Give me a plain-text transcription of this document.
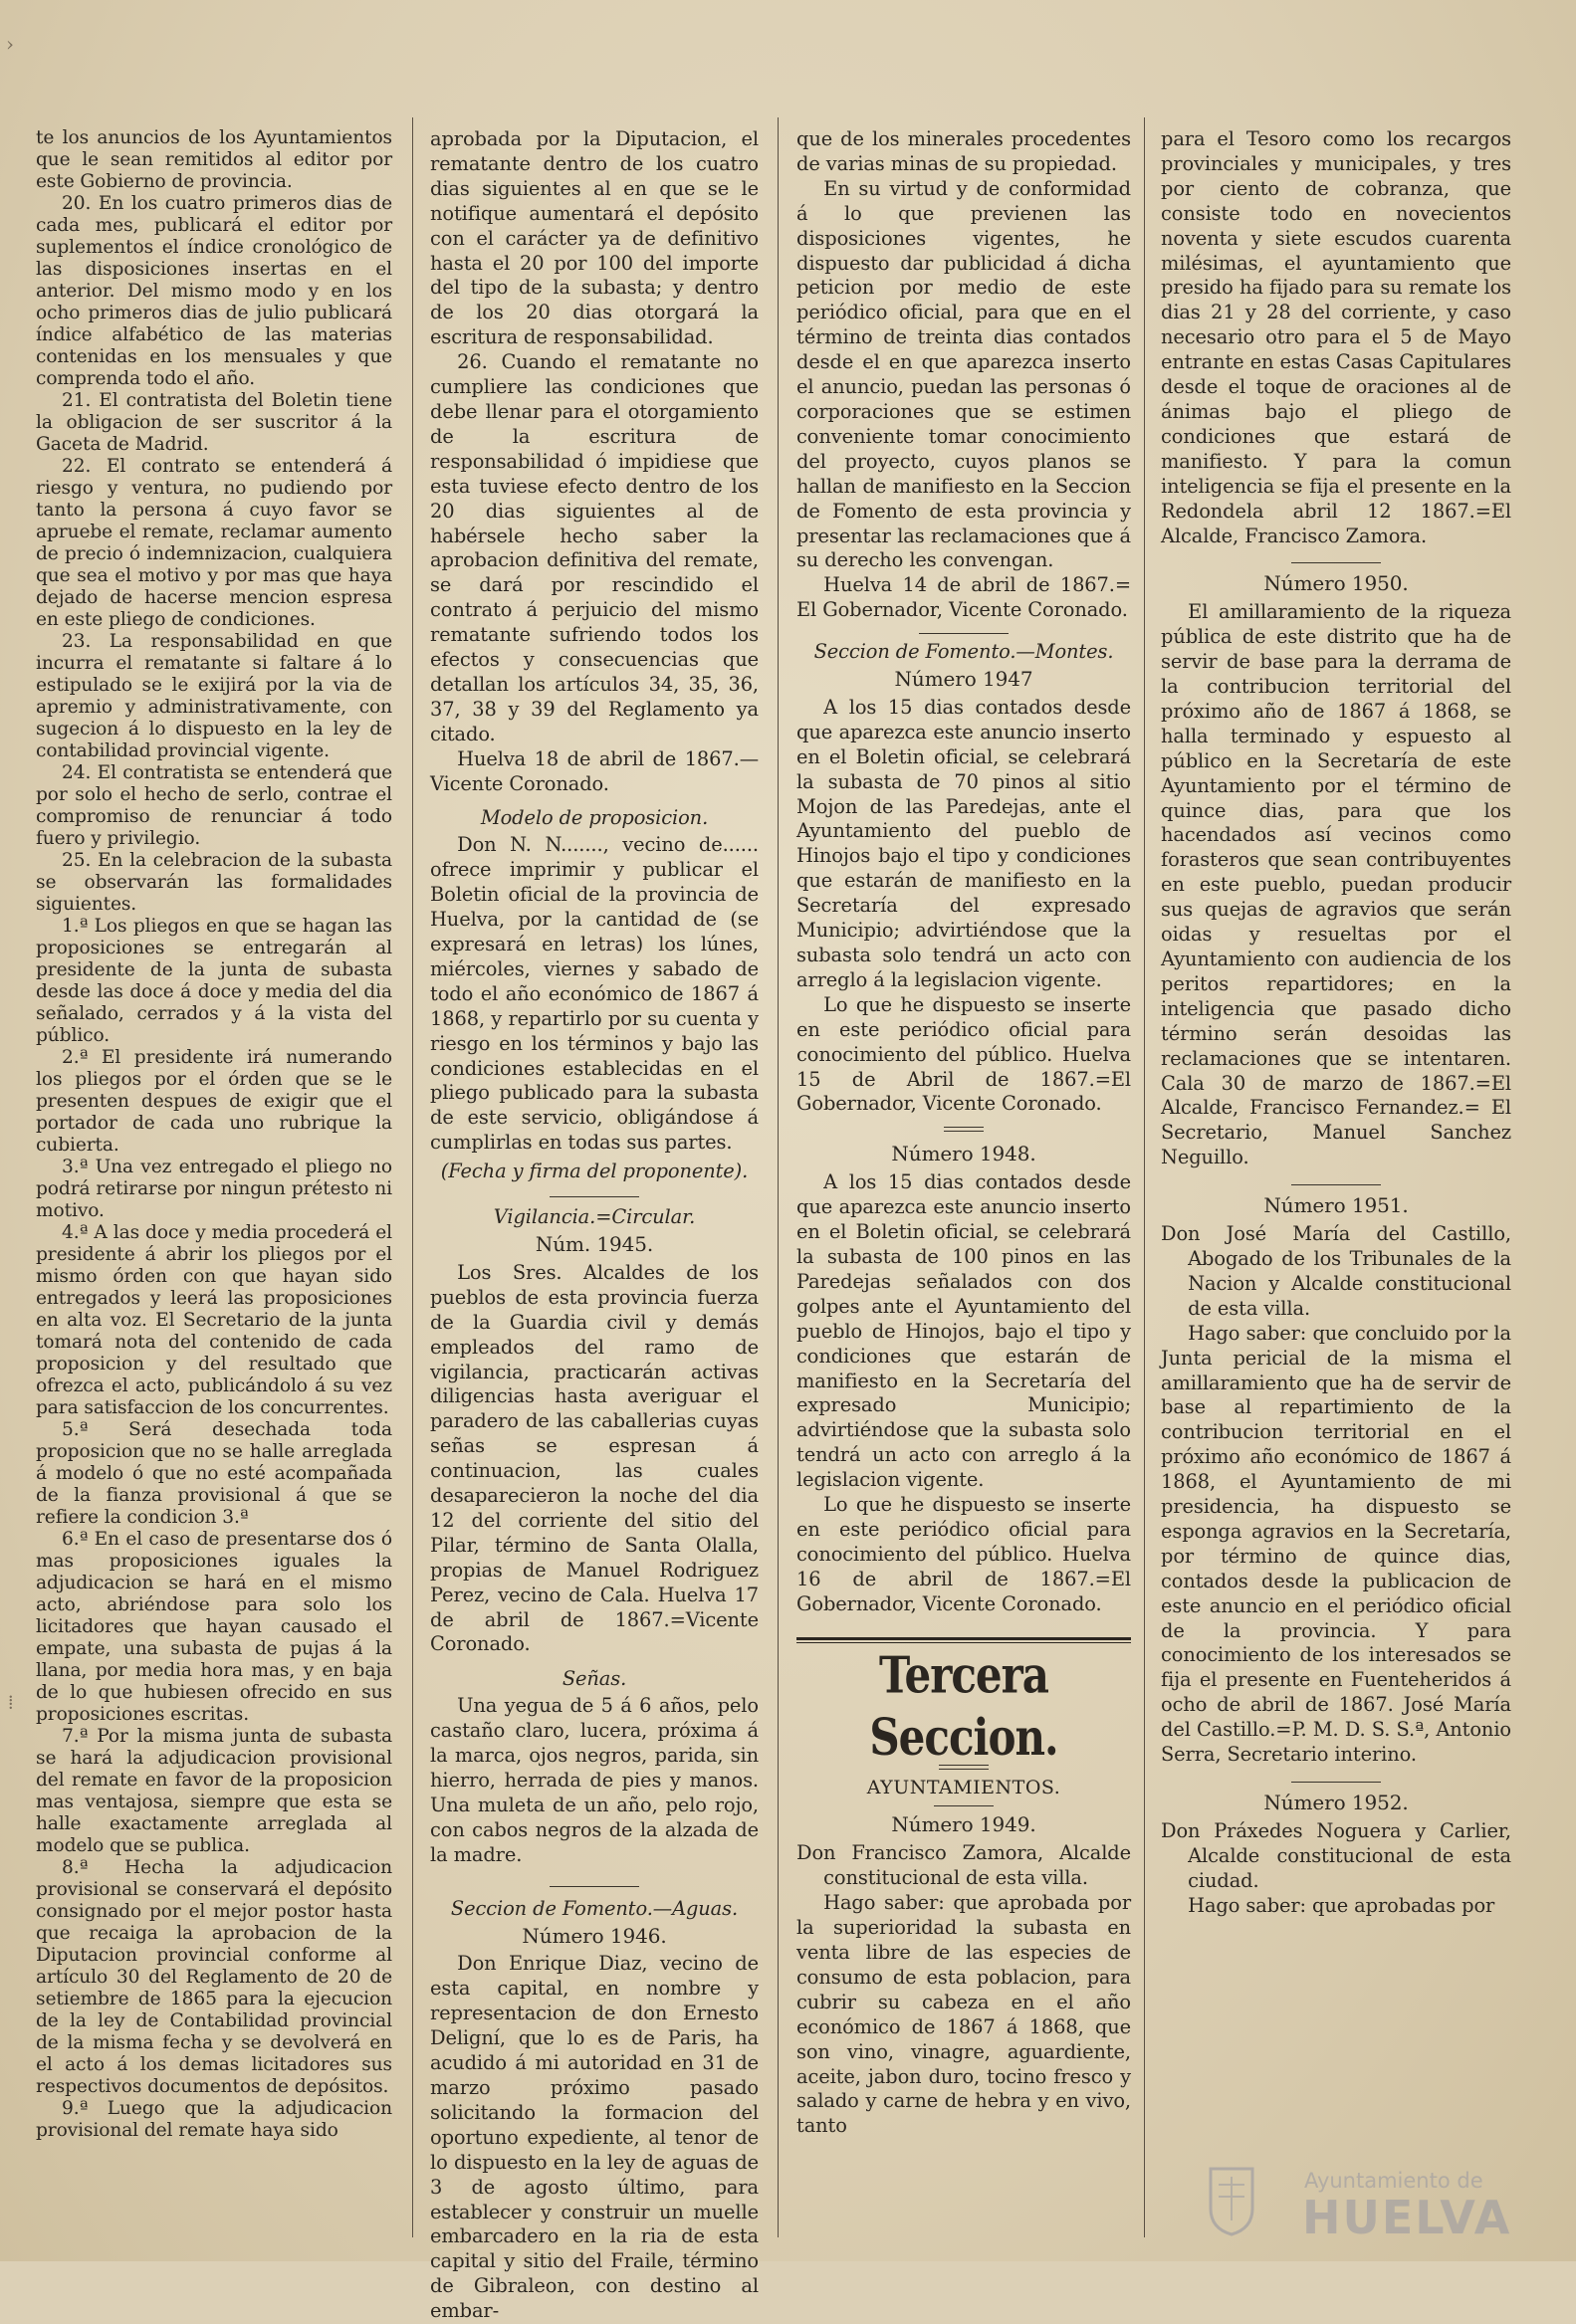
›
⁞

te los anuncios de los Ayuntamientos que le sean remitidos al editor por este Gobierno de provincia.

20. En los cuatro primeros dias de cada mes, publicará el editor por suplementos el índice cronológico de las disposiciones insertas en el anterior. Del mismo modo y en los ocho primeros dias de julio publicará índice alfabético de las materias contenidas en los mensuales y que comprenda todo el año.

21. El contratista del Boletin tiene la obligacion de ser suscritor á la Gaceta de Madrid.

22. El contrato se entenderá á riesgo y ventura, no pudiendo por tanto la persona á cuyo favor se apruebe el remate, reclamar aumento de precio ó indemnizacion, cualquiera que sea el motivo y por mas que haya dejado de hacerse mencion espresa en este pliego de condiciones.

23. La responsabilidad en que incurra el rematante si faltare á lo estipulado se le exijirá por la via de apremio y administrativamente, con sugecion á lo dispuesto en la ley de contabilidad provincial vigente.

24. El contratista se entenderá que por solo el hecho de serlo, contrae el compromiso de renunciar á todo fuero y privilegio.

25. En la celebracion de la subasta se observarán las formalidades siguientes.

1.ª Los pliegos en que se hagan las proposiciones se entregarán al presidente de la junta de subasta desde las doce á doce y media del dia señalado, cerrados y á la vista del público.

2.ª El presidente irá numerando los pliegos por el órden que se le presenten despues de exigir que el portador de cada uno rubrique la cubierta.

3.ª Una vez entregado el pliego no podrá retirarse por ningun prétesto ni motivo.

4.ª A las doce y media procederá el presidente á abrir los pliegos por el mismo órden con que hayan sido entregados y leerá las proposiciones en alta voz. El Secretario de la junta tomará nota del contenido de cada proposicion y del resultado que ofrezca el acto, publicándolo á su vez para satisfaccion de los concurrentes.

5.ª Será desechada toda proposicion que no se halle arreglada á modelo ó que no esté acompañada de la fianza provisional á que se refiere la condicion 3.ª

6.ª En el caso de presentarse dos ó mas proposiciones iguales la adjudicacion se hará en el mismo acto, abriéndose para solo los licitadores que hayan causado el empate, una subasta de pujas á la llana, por media hora mas, y en baja de lo que hubiesen ofrecido en sus proposiciones escritas.

7.ª Por la misma junta de subasta se hará la adjudicacion provisional del remate en favor de la proposicion mas ventajosa, siempre que esta se halle exactamente arreglada al modelo que se publica.

8.ª Hecha la adjudicacion provisional se conservará el depósito consignado por el mejor postor hasta que recaiga la aprobacion de la Diputacion provincial conforme al artículo 30 del Reglamento de 20 de setiembre de 1865 para la ejecucion de la ley de Contabilidad provincial de la misma fecha y se devolverá en el acto á los demas licitadores sus respectivos documentos de depósitos.

9.ª Luego que la adjudicacion provisional del remate haya sido

aprobada por la Diputacion, el rematante dentro de los cuatro dias siguientes al en que se le notifique aumentará el depósito con el carácter ya de definitivo hasta el 20 por 100 del importe del tipo de la subasta; y dentro de los 20 dias otorgará la escritura de responsabilidad.

26. Cuando el rematante no cumpliere las condiciones que debe llenar para el otorgamiento de la escritura de responsabilidad ó impidiese que esta tuviese efecto dentro de los 20 dias siguientes al de habérsele hecho saber la aprobacion definitiva del remate, se dará por rescindido el contrato á perjuicio del mismo rematante sufriendo todos los efectos y consecuencias que detallan los artículos 34, 35, 36, 37, 38 y 39 del Reglamento ya citado.

Huelva 18 de abril de 1867.—Vicente Coronado.

Modelo de proposicion.

Don N. N......., vecino de...... ofrece imprimir y publicar el Boletin oficial de la provincia de Huelva, por la cantidad de (se expresará en letras) los lúnes, miércoles, viernes y sabado de todo el año económico de 1867 á 1868, y repartirlo por su cuenta y riesgo en los términos y bajo las condiciones establecidas en el pliego publicado para la subasta de este servicio, obligándose á cumplirlas en todas sus partes.

(Fecha y firma del proponente).

Vigilancia.=Circular.
Núm. 1945.

Los Sres. Alcaldes de los pueblos de esta provincia fuerza de la Guardia civil y demás empleados del ramo de vigilancia, practicarán activas diligencias hasta averiguar el paradero de las caballerias cuyas señas se espresan á continuacion, las cuales desaparecieron la noche del dia 12 del corriente del sitio del Pilar, término de Santa Olalla, propias de Manuel Rodriguez Perez, vecino de Cala. Huelva 17 de abril de 1867.=Vicente Coronado.

Señas.

Una yegua de 5 á 6 años, pelo castaño claro, lucera, próxima á la marca, ojos negros, parida, sin hierro, herrada de pies y manos. Una muleta de un año, pelo rojo, con cabos negros de la alzada de la madre.

Seccion de Fomento.—Aguas.
Número 1946.

Don Enrique Diaz, vecino de esta capital, en nombre y representacion de don Ernesto Deligní, que lo es de Paris, ha acudido á mi autoridad en 31 de marzo próximo pasado solicitando la formacion del oportuno expediente, al tenor de lo dispuesto en la ley de aguas de 3 de agosto último, para establecer y construir un muelle embarcadero en la ria de esta capital y sitio del Fraile, término de Gibraleon, con destino al embar-

que de los minerales procedentes de varias minas de su propiedad.

En su virtud y de conformidad á lo que previenen las disposiciones vigentes, he dispuesto dar publicidad á dicha peticion por medio de este periódico oficial, para que en el término de treinta dias contados desde el en que aparezca inserto el anuncio, puedan las personas ó corporaciones que se estimen conveniente tomar conocimiento del proyecto, cuyos planos se hallan de manifiesto en la Seccion de Fomento de esta provincia y presentar las reclamaciones que á su derecho les convengan.

Huelva 14 de abril de 1867.= El Gobernador, Vicente Coronado.

Seccion de Fomento.—Montes.
Número 1947

A los 15 dias contados desde que aparezca este anuncio inserto en el Boletin oficial, se celebrará la subasta de 70 pinos al sitio Mojon de las Paredejas, ante el Ayuntamiento del pueblo de Hinojos bajo el tipo y condiciones que estarán de manifiesto en la Secretaría del expresado Municipio; advirtiéndose que la subasta solo tendrá un acto con arreglo á la legislacion vigente.

Lo que he dispuesto se inserte en este periódico oficial para conocimiento del público. Huelva 15 de Abril de 1867.=El Gobernador, Vicente Coronado.

Número 1948.

A los 15 dias contados desde que aparezca este anuncio inserto en el Boletin oficial, se celebrará la subasta de 100 pinos en las Paredejas señalados con dos golpes ante el Ayuntamiento del pueblo de Hinojos, bajo el tipo y condiciones que estarán de manifiesto en la Secretaría del expresado Municipio; advirtiéndose que la subasta solo tendrá un acto con arreglo á la legislacion vigente.

Lo que he dispuesto se inserte en este periódico oficial para conocimiento del público. Huelva 16 de abril de 1867.=El Gobernador, Vicente Coronado.

Tercera Seccion.
AYUNTAMIENTOS.
Número 1949.

Don Francisco Zamora, Alcalde constitucional de esta villa.

Hago saber: que aprobada por la superioridad la subasta en venta libre de las especies de consumo de esta poblacion, para cubrir su cabeza en el año económico de 1867 á 1868, que son vino, vinagre, aguardiente, aceite, jabon duro, tocino fresco y salado y carne de hebra y en vivo, tanto

para el Tesoro como los recargos provinciales y municipales, y tres por ciento de cobranza, que consiste todo en novecientos noventa y siete escudos cuarenta milésimas, el ayuntamiento que presido ha fijado para su remate los dias 21 y 28 del corriente, y caso necesario otro para el 5 de Mayo entrante en estas Casas Capitulares desde el toque de oraciones al de ánimas bajo el pliego de condiciones que estará de manifiesto. Y para la comun inteligencia se fija el presente en la Redondela abril 12 1867.=El Alcalde, Francisco Zamora.

Número 1950.

El amillaramiento de la riqueza pública de este distrito que ha de servir de base para la derrama de la contribucion territorial del próximo año de 1867 á 1868, se halla terminado y espuesto al público en la Secretaría de este Ayuntamiento por el término de quince dias, para que los hacendados así vecinos como forasteros que sean contribuyentes en este pueblo, puedan producir sus quejas de agravios que serán oidas y resueltas por el Ayuntamiento con audiencia de los peritos repartidores; en la inteligencia que pasado dicho término serán desoidas las reclamaciones que se intentaren. Cala 30 de marzo de 1867.=El Alcalde, Francisco Fernandez.= El Secretario, Manuel Sanchez Neguillo.

Número 1951.

Don José María del Castillo, Abogado de los Tribunales de la Nacion y Alcalde constitucional de esta villa.

Hago saber: que concluido por la Junta pericial de la misma el amillaramiento que ha de servir de base al repartimiento de la contribucion territorial en el próximo año económico de 1867 á 1868, el Ayuntamiento de mi presidencia, ha dispuesto se esponga agravios en la Secretaría, por término de quince dias, contados desde la publicacion de este anuncio en el periódico oficial de la provincia. Y para conocimiento de los interesados se fija el presente en Fuenteheridos á ocho de abril de 1867. José María del Castillo.=P. M. D. S. S.ª, Antonio Serra, Secretario interino.

Número 1952.

Don Práxedes Noguera y Carlier, Alcalde constitucional de esta ciudad.

Hago saber: que aprobadas por

Ayuntamiento de
HUELVA
